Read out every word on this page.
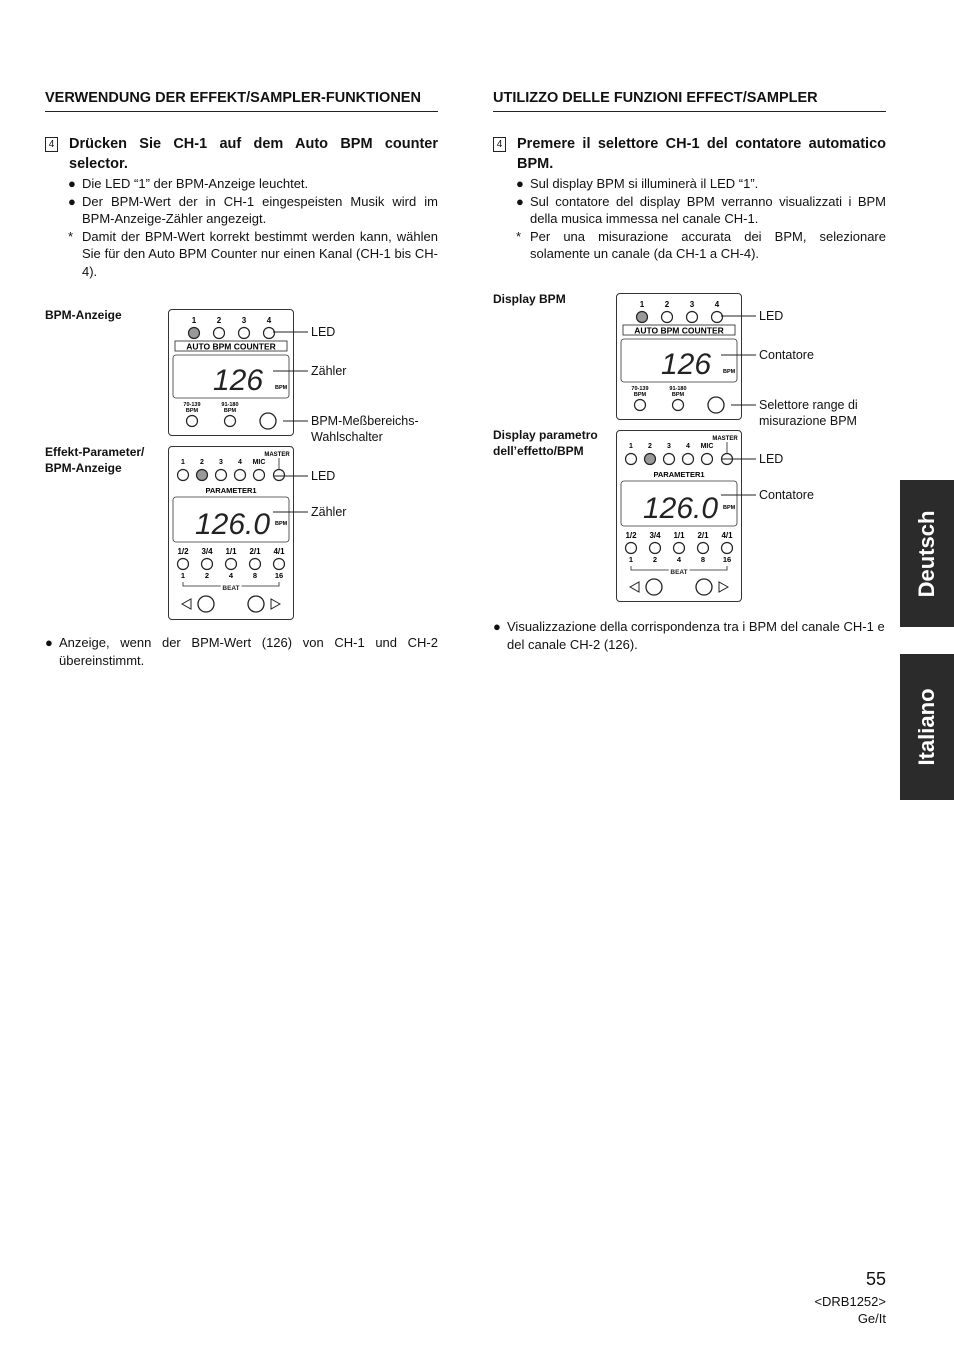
VERWENDUNG DER EFFEKT/SAMPLER-FUNKTIONEN
4 Drücken Sie CH-1 auf dem Auto BPM counter selector.
● Die LED “1” der BPM-Anzeige leuchtet.
● Der BPM-Wert der in CH-1 eingespeisten Musik wird im BPM-Anzeige-Zähler angezeigt.
* Damit der BPM-Wert korrekt bestimmt werden kann, wählen Sie für den Auto BPM Counter nur einen Kanal (CH-1 bis CH-4).
BPM-Anzeige
Effekt-Parameter/
BPM-Anzeige
1	2	3	4
AUTO BPM COUNTER
126 BPM
70-139
BPM
91-180
BPM
MASTER
1 2 3 4 MIC
PARAMETER1
126.0 BPM
1/2 3/4 1/1 2/1 4/1
1	2	4	8 16
BEAT
LED
Zähler
BPM-Meßbereichs-
Wahlschalter
LED
Zähler
● Anzeige, wenn der BPM-Wert (126) von CH-1 und CH-2 übereinstimmt.
UTILIZZO DELLE FUNZIONI EFFECT/SAMPLER
4 Premere il selettore CH-1 del contatore automatico BPM.
● Sul display BPM si illuminerà il LED “1”.
● Sul contatore del display BPM verranno visualizzati i BPM della musica immessa nel canale CH-1.
* Per una misurazione accurata dei BPM, selezionare solamente un canale (da CH-1 a CH-4).
Display BPM
Display parametro
dell’effetto/BPM
1	2	3	4
AUTO BPM COUNTER
126 BPM
70-139
BPM
91-180
BPM
MASTER
1 2 3 4 MIC
PARAMETER1
126.0 BPM
1/2 3/4 1/1 2/1 4/1
1	2	4	8 16
BEAT
LED
Contatore
Selettore range di
misurazione BPM
LED
Contatore
● Visualizzazione della corrispondenza tra i BPM del canale CH-1 e del canale CH-2 (126).
Deutsch
Italiano
55
<DRB1252>
Ge/It
